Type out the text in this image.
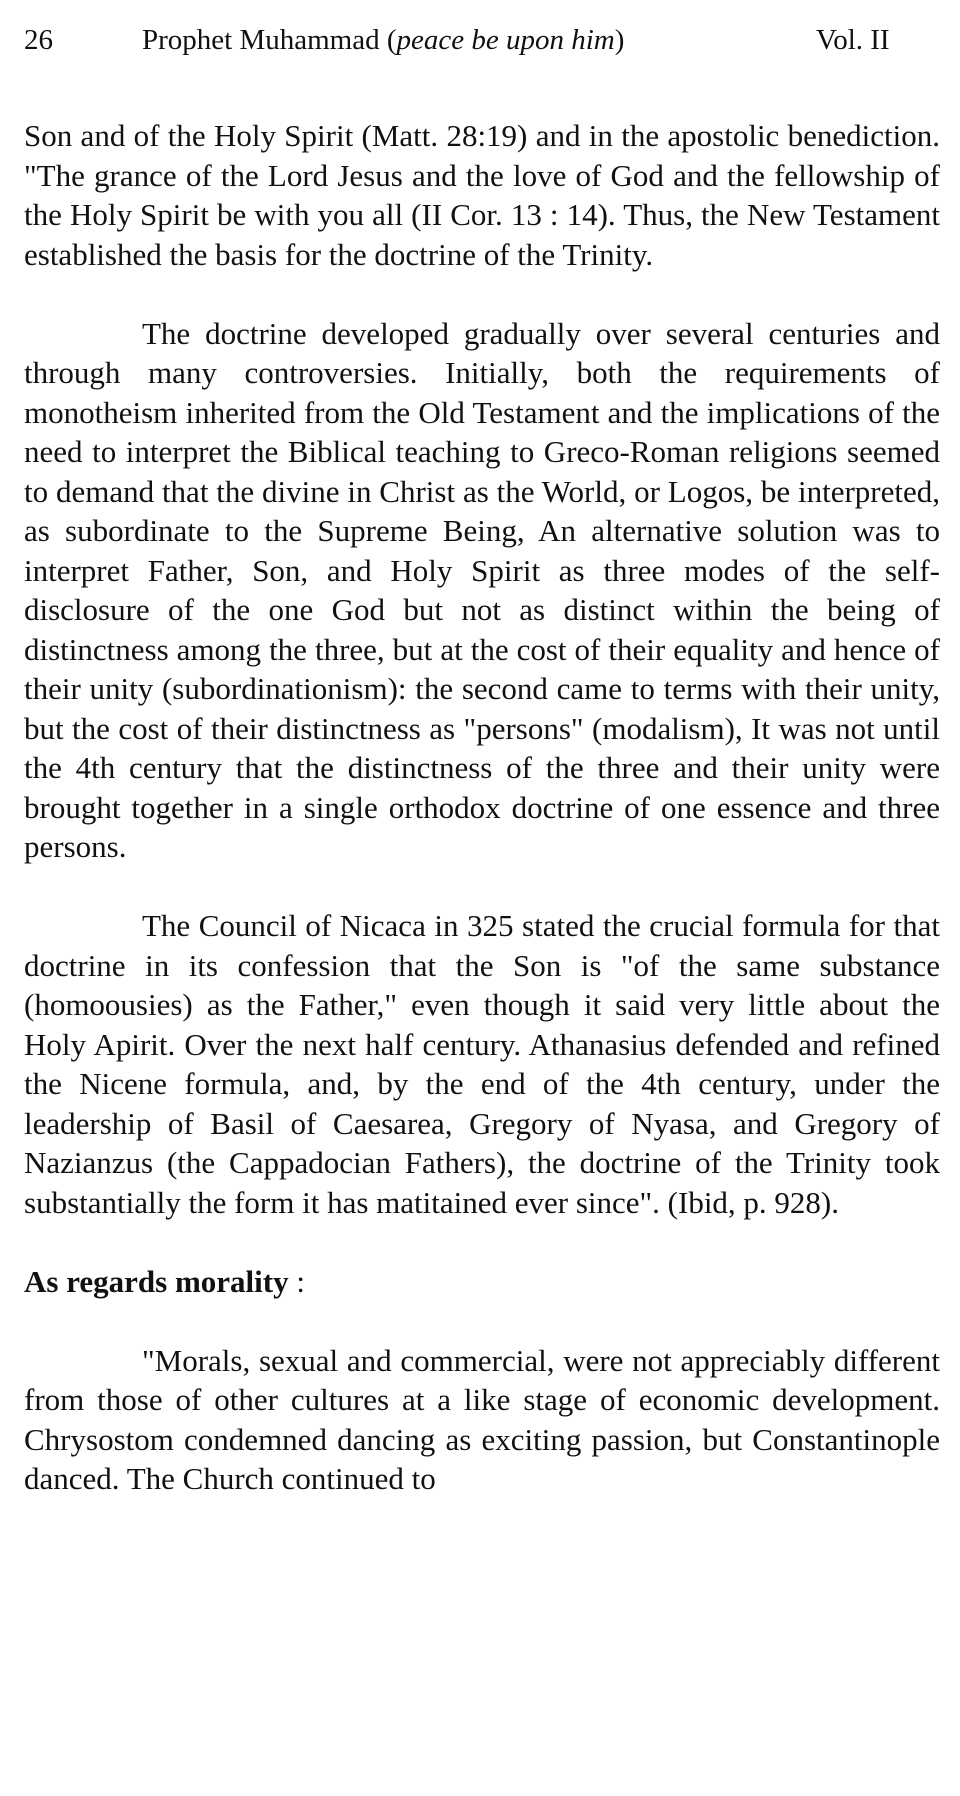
26	Prophet Muhammad (peace be upon him)	Vol. II

Son and of the Holy Spirit (Matt. 28:19) and in the apostolic benediction. "The grance of the Lord Jesus and the love of God and the fellowship of the Holy Spirit be with you all (II Cor. 13 : 14). Thus, the New Testament established the basis for the doctrine of the Trinity.

The doctrine developed gradually over several centuries and through many controversies. Initially, both the requirements of monotheism inherited from the Old Testament and the implications of the need to interpret the Biblical teaching to Greco-Roman religions seemed to demand that the divine in Christ as the World, or Logos, be interpreted, as subordinate to the Supreme Being, An alternative solution was to interpret Father, Son, and Holy Spirit as three modes of the self-disclosure of the one God but not as distinct within the being of distinctness among the three, but at the cost of their equality and hence of their unity (subordinationism): the second came to terms with their unity, but the cost of their distinctness as "persons" (modalism), It was not until the 4th century that the distinctness of the three and their unity were brought together in a single orthodox doctrine of one essence and three persons.

The Council of Nicaca in 325 stated the crucial formula for that doctrine in its confession that the Son is "of the same substance (homoousies) as the Father," even though it said very little about the Holy Apirit. Over the next half century. Athanasius defended and refined the Nicene formula, and, by the end of the 4th century, under the leadership of Basil of Caesarea, Gregory of Nyasa, and Gregory of Nazianzus (the Cappadocian Fathers), the doctrine of the Trinity took substantially the form it has matitained ever since". (Ibid, p. 928).

As regards morality :

"Morals, sexual and commercial, were not appreciably different from those of other cultures at a like stage of economic development. Chrysostom condemned dancing as exciting passion, but Constantinople danced. The Church continued to
